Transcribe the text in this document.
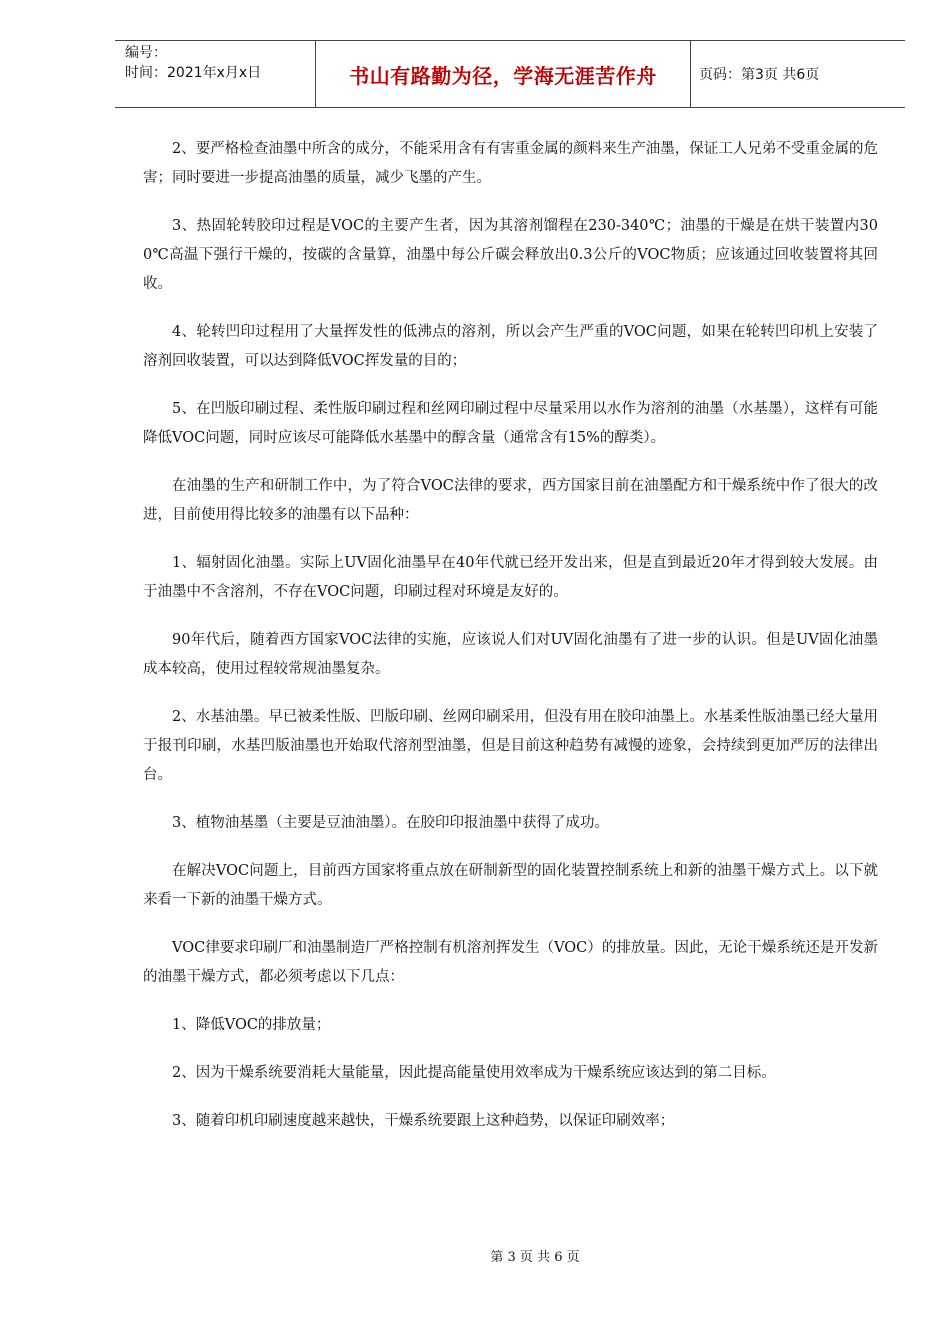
编号：
时间：2021年x月x日	书山有路勤为径，学海无涯苦作舟	页码：第3页 共6页

2、要严格检查油墨中所含的成分，不能采用含有有害重金属的颜料来生产油墨，保证工人兄弟不受重金属的危害；同时要进一步提高油墨的质量，减少飞墨的产生。

3、热固轮转胶印过程是VOC的主要产生者，因为其溶剂馏程在230-340℃；油墨的干燥是在烘干装置内300℃高温下强行干燥的，按碳的含量算，油墨中每公斤碳会释放出0.3公斤的VOC物质；应该通过回收装置将其回收。

4、轮转凹印过程用了大量挥发性的低沸点的溶剂，所以会产生严重的VOC问题，如果在轮转凹印机上安装了溶剂回收装置，可以达到降低VOC挥发量的目的；

5、在凹版印刷过程、柔性版印刷过程和丝网印刷过程中尽量采用以水作为溶剂的油墨（水基墨），这样有可能降低VOC问题，同时应该尽可能降低水基墨中的醇含量（通常含有15%的醇类）。

在油墨的生产和研制工作中，为了符合VOC法律的要求，西方国家目前在油墨配方和干燥系统中作了很大的改进，目前使用得比较多的油墨有以下品种：

1、辐射固化油墨。实际上UV固化油墨早在40年代就已经开发出来，但是直到最近20年才得到较大发展。由于油墨中不含溶剂，不存在VOC问题，印刷过程对环境是友好的。

90年代后，随着西方国家VOC法律的实施，应该说人们对UV固化油墨有了进一步的认识。但是UV固化油墨成本较高，使用过程较常规油墨复杂。

2、水基油墨。早已被柔性版、凹版印刷、丝网印刷采用，但没有用在胶印油墨上。水基柔性版油墨已经大量用于报刊印刷，水基凹版油墨也开始取代溶剂型油墨，但是目前这种趋势有减慢的迹象，会持续到更加严厉的法律出台。

3、植物油基墨（主要是豆油油墨）。在胶印印报油墨中获得了成功。

在解决VOC问题上，目前西方国家将重点放在研制新型的固化装置控制系统上和新的油墨干燥方式上。以下就来看一下新的油墨干燥方式。

VOC律要求印刷厂和油墨制造厂严格控制有机溶剂挥发生（VOC）的排放量。因此，无论干燥系统还是开发新的油墨干燥方式，都必须考虑以下几点：

1、降低VOC的排放量；

2、因为干燥系统要消耗大量能量，因此提高能量使用效率成为干燥系统应该达到的第二目标。

3、随着印机印刷速度越来越快，干燥系统要跟上这种趋势，以保证印刷效率；

第 3 页 共 6 页
